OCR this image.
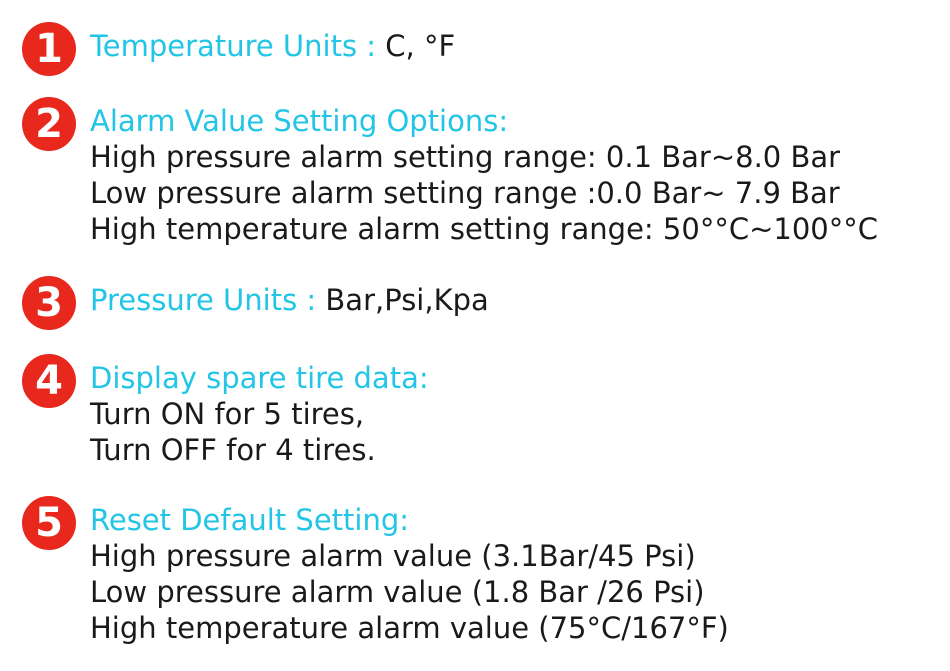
1 Temperature Units : C, °F
2 Alarm Value Setting Options:
High pressure alarm setting range: 0.1 Bar~8.0 Bar
Low pressure alarm setting range :0.0 Bar~ 7.9 Bar
High temperature alarm setting range: 50°°C~100°°C
3 Pressure Units : Bar,Psi,Kpa
4 Display spare tire data:
Turn ON for 5 tires,
Turn OFF for 4 tires.
5 Reset Default Setting:
High pressure alarm value (3.1Bar/45 Psi)
Low pressure alarm value (1.8 Bar /26 Psi)
High temperature alarm value (75°C/167°F)
